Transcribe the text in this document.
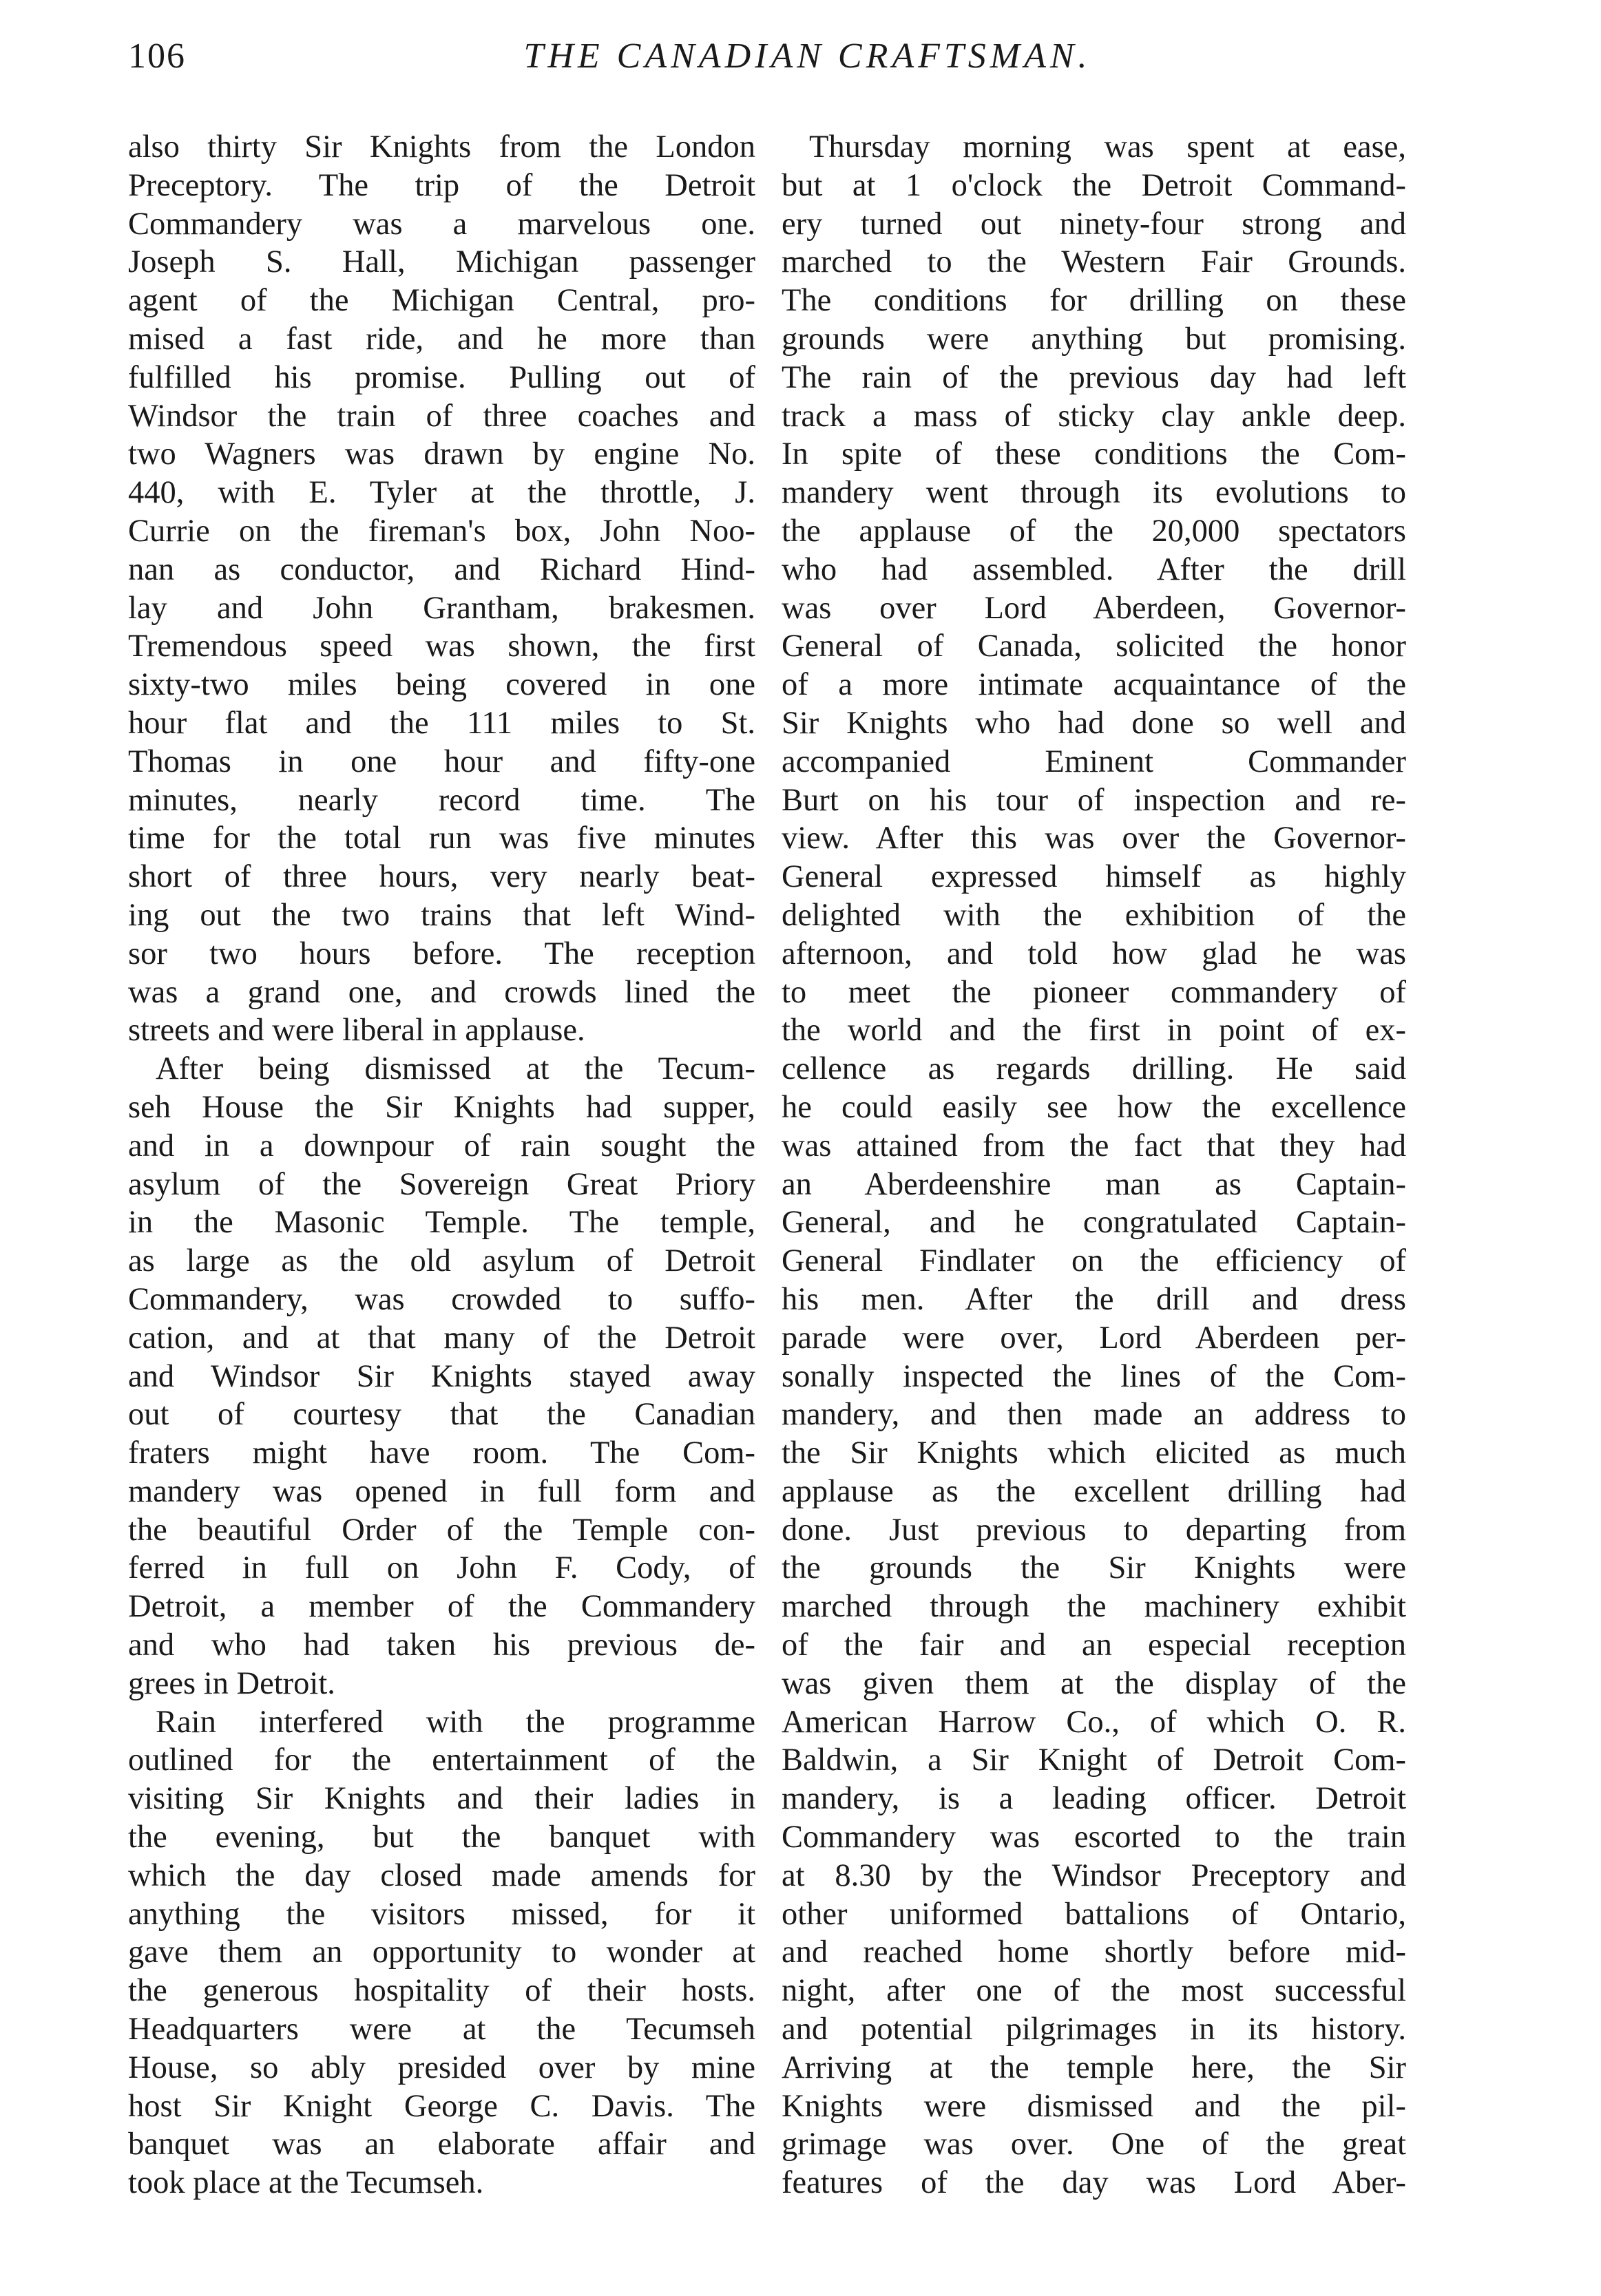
106	THE CANADIAN CRAFTSMAN.
also thirty Sir Knights from the London
Preceptory. The trip of the Detroit
Commandery was a marvelous one.
Joseph S. Hall, Michigan passenger
agent of the Michigan Central, pro-
mised a fast ride, and he more than
fulfilled his promise. Pulling out of
Windsor the train of three coaches and
two Wagners was drawn by engine No.
440, with E. Tyler at the throttle, J.
Currie on the fireman's box, John Noo-
nan as conductor, and Richard Hind-
lay and John Grantham, brakesmen.
Tremendous speed was shown, the first
sixty-two miles being covered in one
hour flat and the 111 miles to St.
Thomas in one hour and fifty-one
minutes, nearly record time. The
time for the total run was five minutes
short of three hours, very nearly beat-
ing out the two trains that left Wind-
sor two hours before. The reception
was a grand one, and crowds lined the
streets and were liberal in applause.
After being dismissed at the Tecum-
seh House the Sir Knights had supper,
and in a downpour of rain sought the
asylum of the Sovereign Great Priory
in the Masonic Temple. The temple,
as large as the old asylum of Detroit
Commandery, was crowded to suffo-
cation, and at that many of the Detroit
and Windsor Sir Knights stayed away
out of courtesy that the Canadian
fraters might have room. The Com-
mandery was opened in full form and
the beautiful Order of the Temple con-
ferred in full on John F. Cody, of
Detroit, a member of the Commandery
and who had taken his previous de-
grees in Detroit.
Rain interfered with the programme
outlined for the entertainment of the
visiting Sir Knights and their ladies in
the evening, but the banquet with
which the day closed made amends for
anything the visitors missed, for it
gave them an opportunity to wonder at
the generous hospitality of their hosts.
Headquarters were at the Tecumseh
House, so ably presided over by mine
host Sir Knight George C. Davis. The
banquet was an elaborate affair and
took place at the Tecumseh.
Thursday morning was spent at ease,
but at 1 o'clock the Detroit Command-
ery turned out ninety-four strong and
marched to the Western Fair Grounds.
The conditions for drilling on these
grounds were anything but promising.
The rain of the previous day had left
track a mass of sticky clay ankle deep.
In spite of these conditions the Com-
mandery went through its evolutions to
the applause of the 20,000 spectators
who had assembled. After the drill
was over Lord Aberdeen, Governor-
General of Canada, solicited the honor
of a more intimate acquaintance of the
Sir Knights who had done so well and
accompanied Eminent Commander
Burt on his tour of inspection and re-
view. After this was over the Governor-
General expressed himself as highly
delighted with the exhibition of the
afternoon, and told how glad he was
to meet the pioneer commandery of
the world and the first in point of ex-
cellence as regards drilling. He said
he could easily see how the excellence
was attained from the fact that they had
an Aberdeenshire man as Captain-
General, and he congratulated Captain-
General Findlater on the efficiency of
his men. After the drill and dress
parade were over, Lord Aberdeen per-
sonally inspected the lines of the Com-
mandery, and then made an address to
the Sir Knights which elicited as much
applause as the excellent drilling had
done. Just previous to departing from
the grounds the Sir Knights were
marched through the machinery exhibit
of the fair and an especial reception
was given them at the display of the
American Harrow Co., of which O. R.
Baldwin, a Sir Knight of Detroit Com-
mandery, is a leading officer. Detroit
Commandery was escorted to the train
at 8.30 by the Windsor Preceptory and
other uniformed battalions of Ontario,
and reached home shortly before mid-
night, after one of the most successful
and potential pilgrimages in its history.
Arriving at the temple here, the Sir
Knights were dismissed and the pil-
grimage was over. One of the great
features of the day was Lord Aber-
